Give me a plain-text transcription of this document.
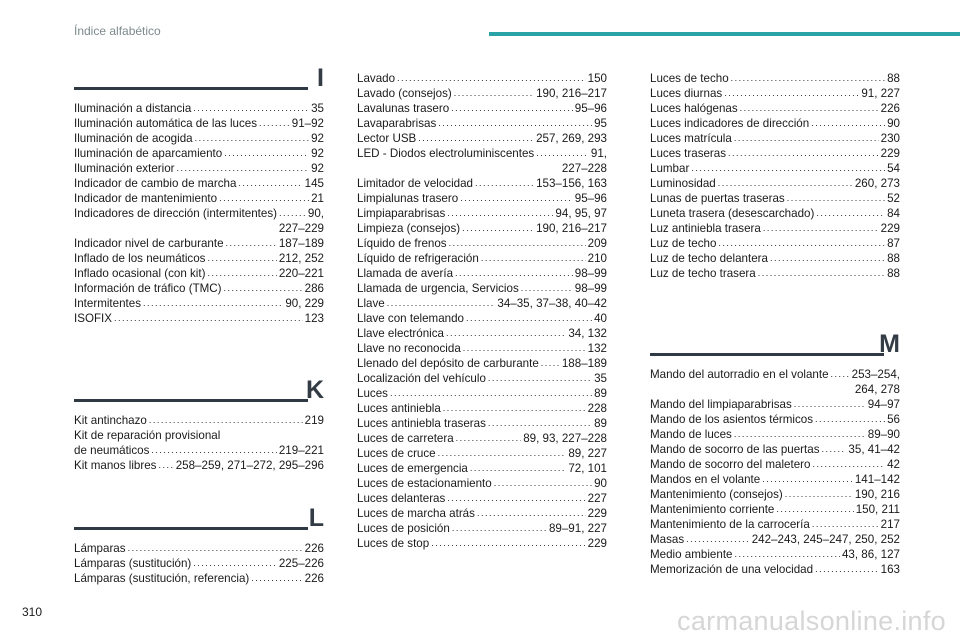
Índice alfabético
I
Iluminación a distancia . . .	35
Iluminación automática de las luces . . .	91–92
Iluminación de acogida . . .	92
Iluminación de aparcamiento . . .	92
Iluminación exterior . . .	92
Indicador de cambio de marcha . . .	145
Indicador de mantenimiento . . .	21
Indicadores de dirección (intermitentes) . . .	90,
227–229
Indicador nivel de carburante . . .	187–189
Inflado de los neumáticos . . .	212, 252
Inflado ocasional (con kit) . . .	220–221
Información de tráfico (TMC) . . .	286
Intermitentes . . .	90, 229
ISOFIX . . .	123
K
Kit antinchazo . . .	219
Kit de reparación provisional
de neumáticos . . .	219–221
Kit manos libres . . . 258–259, 271–272, 295–296
L
Lámparas . . .	226
Lámparas (sustitución) . . .	225–226
Lámparas (sustitución, referencia) . . .	226
Lavado . . .	150
Lavado (consejos) . . .	190, 216–217
Lavalunas trasero . . .	95–96
Lavaparabrisas . . .	95
Lector USB . . .	257, 269, 293
LED - Diodos electroluminiscentes . . .	91,
227–228
Limitador de velocidad . . .	153–156, 163
Limpialunas trasero . . .	95–96
Limpiaparabrisas . . .	94, 95, 97
Limpieza (consejos) . . .	190, 216–217
Líquido de frenos . . .	209
Líquido de refrigeración . . .	210
Llamada de avería . . .	98–99
Llamada de urgencia, Servicios . . .	98–99
Llave . . .	34–35, 37–38, 40–42
Llave con telemando . . .	40
Llave electrónica . . .	34, 132
Llave no reconocida . . .	132
Llenado del depósito de carburante . . . 188–189
Localización del vehículo . . .	35
Luces . . .	89
Luces antiniebla . . .	228
Luces antiniebla traseras . . .	89
Luces de carretera . . .	89, 93, 227–228
Luces de cruce . . .	89, 227
Luces de emergencia . . .	72, 101
Luces de estacionamiento . . .	90
Luces delanteras . . .	227
Luces de marcha atrás . . .	229
Luces de posición . . .	89–91, 227
Luces de stop . . .	229
Luces de techo . . .	88
Luces diurnas . . .	91, 227
Luces halógenas . . .	226
Luces indicadores de dirección . . .	90
Luces matrícula . . .	230
Luces traseras . . .	229
Lumbar . . .	54
Luminosidad . . .	260, 273
Lunas de puertas traseras . . .	52
Luneta trasera (desescarchado) . . .	84
Luz antiniebla trasera . . .	229
Luz de techo . . .	87
Luz de techo delantera . . .	88
Luz de techo trasera . . .	88
M
Mando del autorradio en el volante . . . 253–254,
264, 278
Mando del limpiaparabrisas . . .	94–97
Mando de los asientos térmicos . . .	56
Mando de luces . . .	89–90
Mando de socorro de las puertas . . . 35, 41–42
Mando de socorro del maletero . . .	42
Mandos en el volante . . .	141–142
Mantenimiento (consejos) . . .	190, 216
Mantenimiento corriente . . .	150, 211
Mantenimiento de la carrocería . . .	217
Masas . . .	242–243, 245–247, 250, 252
Medio ambiente . . .	43, 86, 127
Memorización de una velocidad . . .	163
310	carmanualsonline.info
